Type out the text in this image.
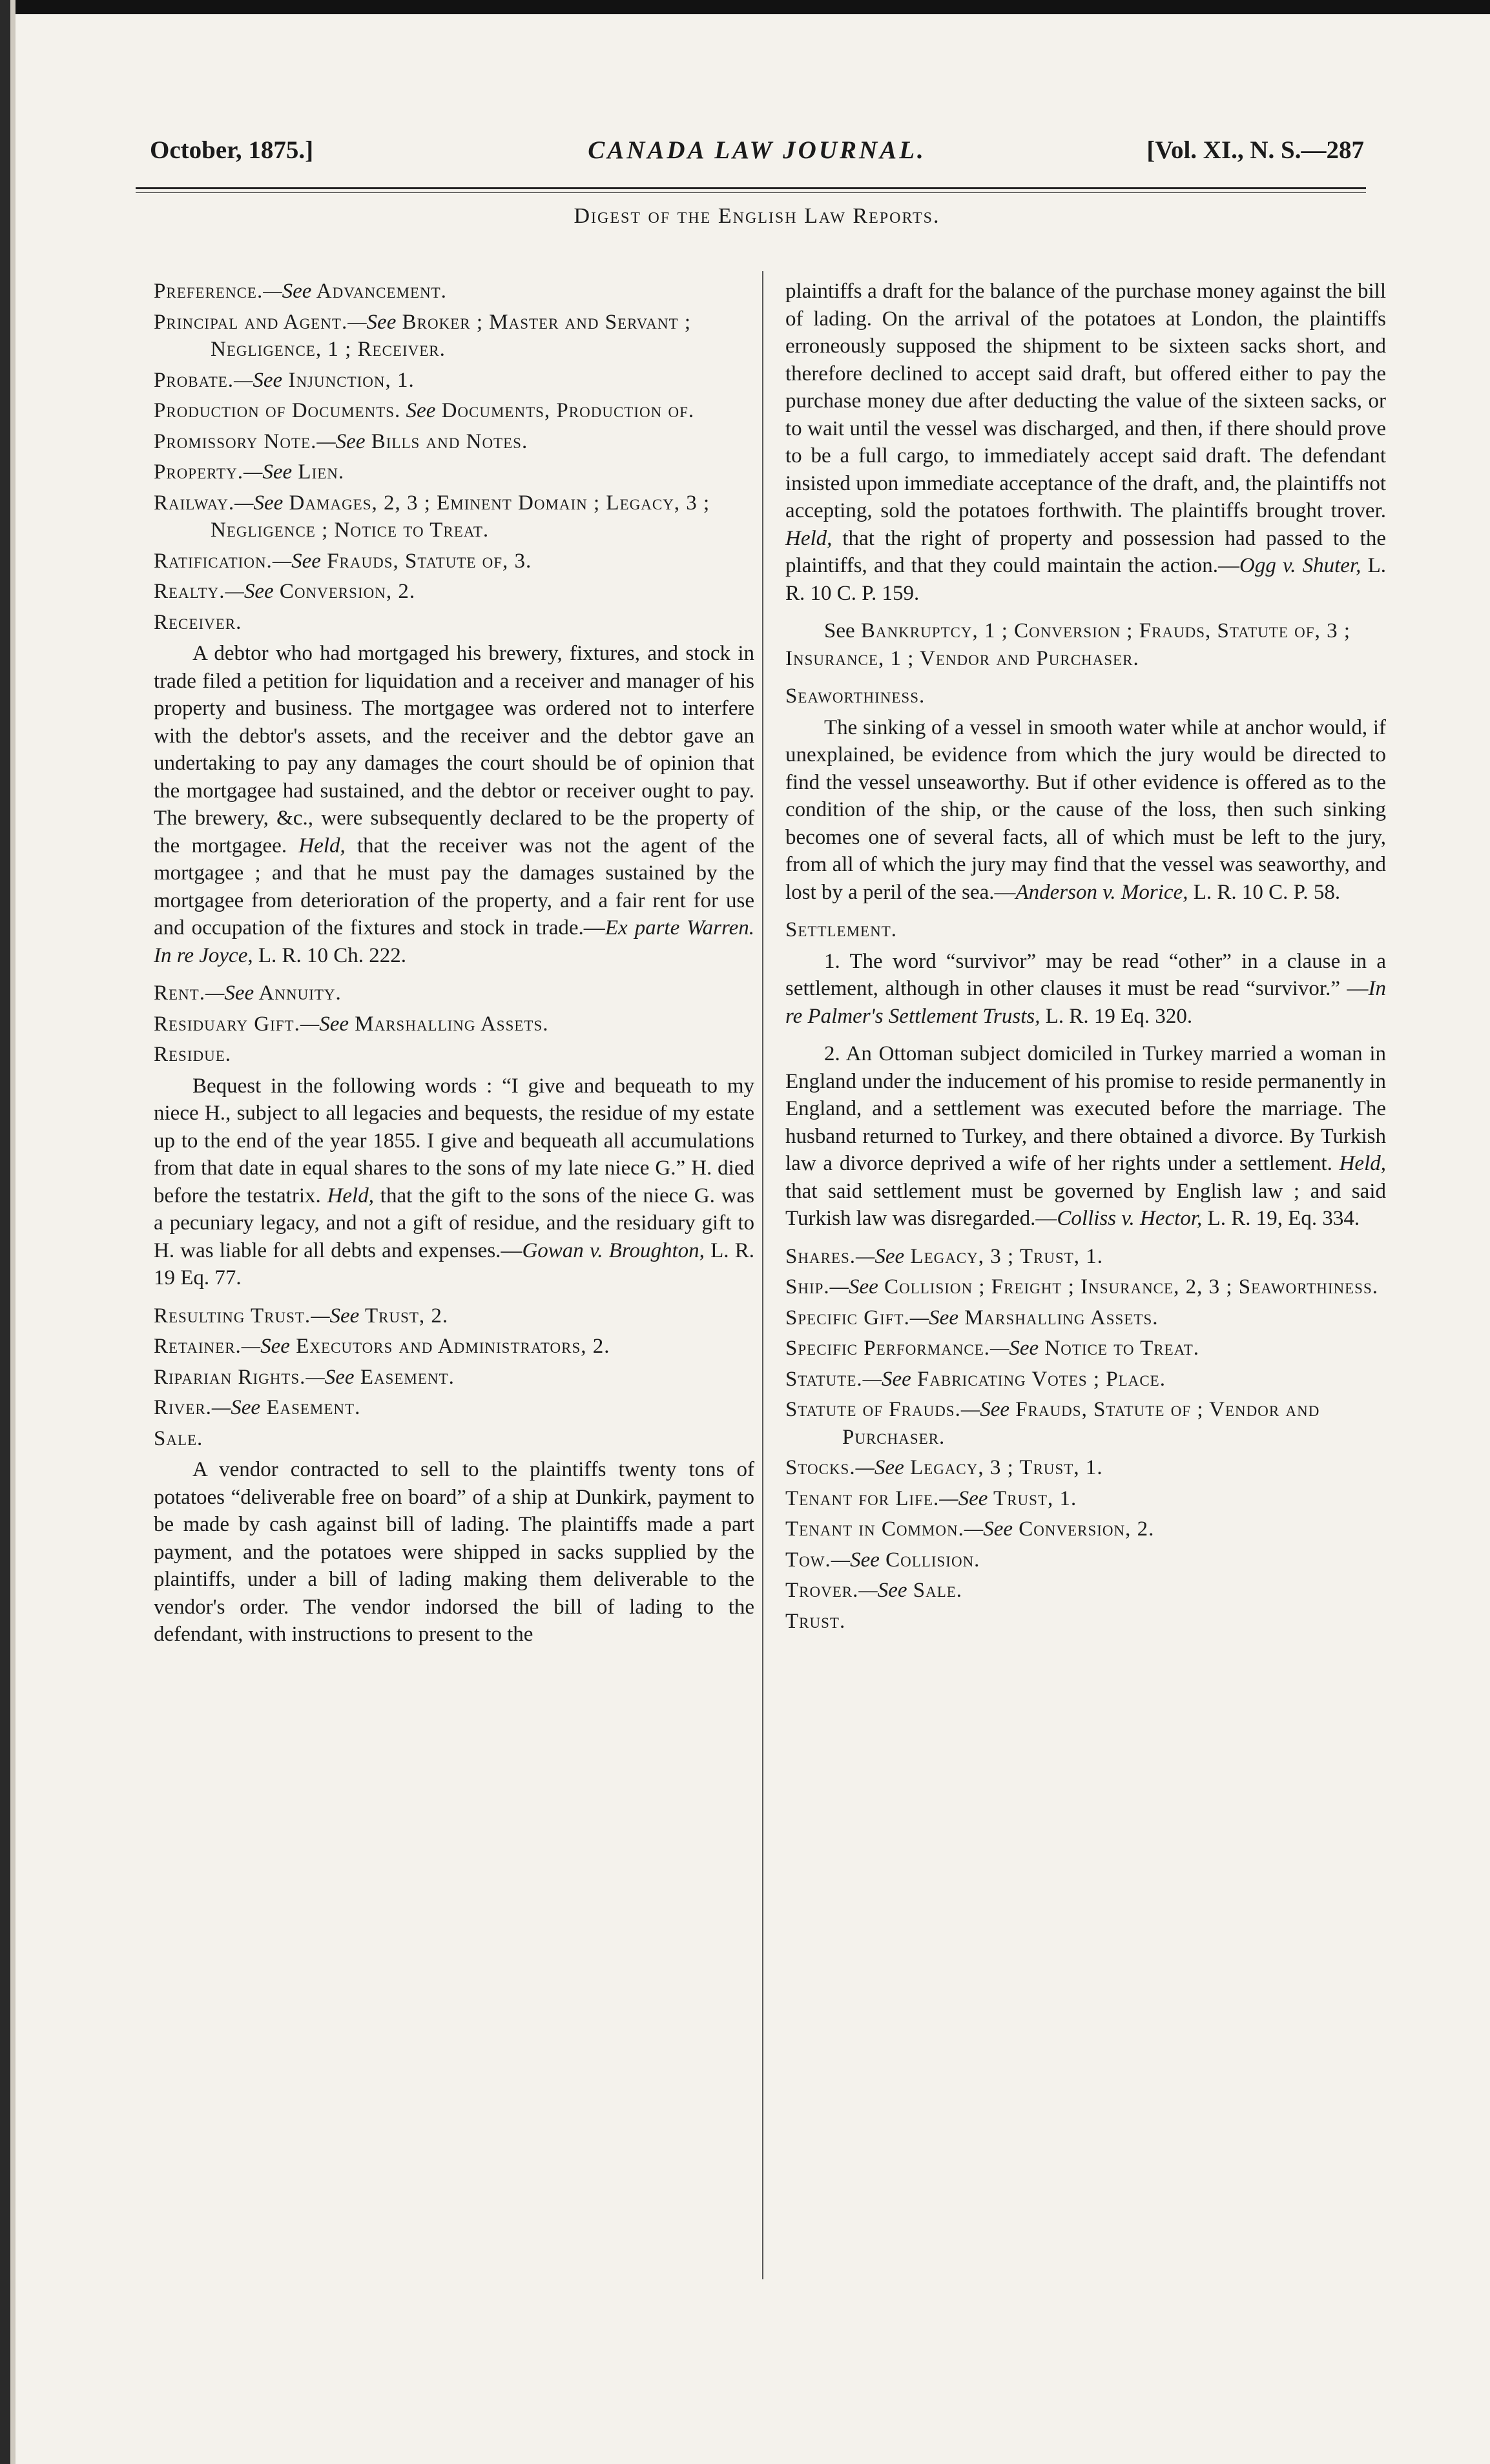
October, 1875.]	CANADA LAW JOURNAL.	[Vol. XI., N. S.—287
Digest of the English Law Reports.
Preference.—See Advancement.
Principal and Agent.—See Broker ; Master and Servant ; Negligence, 1 ; Receiver.
Probate.—See Injunction, 1.
Production of Documents. See Documents, Production of.
Promissory Note.—See Bills and Notes.
Property.—See Lien.
Railway.—See Damages, 2, 3 ; Eminent Domain ; Legacy, 3 ; Negligence ; Notice to Treat.
Ratification.—See Frauds, Statute of, 3.
Realty.—See Conversion, 2.
Receiver.

A debtor who had mortgaged his brewery, fixtures, and stock in trade filed a petition for liquidation and a receiver and manager of his property and business. The mortgagee was ordered not to interfere with the debtor's assets, and the receiver and the debtor gave an undertaking to pay any damages the court should be of opinion that the mortgagee had sustained, and the debtor or receiver ought to pay. The brewery, &c., were subsequently declared to be the property of the mortgagee. Held, that the receiver was not the agent of the mortgagee ; and that he must pay the damages sustained by the mortgagee from deterioration of the property, and a fair rent for use and occupation of the fixtures and stock in trade.—Ex parte Warren. In re Joyce, L. R. 10 Ch. 222.

Rent.—See Annuity.
Residuary Gift.—See Marshalling Assets.
Residue.

Bequest in the following words : “I give and bequeath to my niece H., subject to all legacies and bequests, the residue of my estate up to the end of the year 1855. I give and bequeath all accumulations from that date in equal shares to the sons of my late niece G.” H. died before the testatrix. Held, that the gift to the sons of the niece G. was a pecuniary legacy, and not a gift of residue, and the residuary gift to H. was liable for all debts and expenses.—Gowan v. Broughton, L. R. 19 Eq. 77.

Resulting Trust.—See Trust, 2.
Retainer.—See Executors and Administrators, 2.
Riparian Rights.—See Easement.
River.—See Easement.
Sale.

A vendor contracted to sell to the plaintiffs twenty tons of potatoes “deliverable free on board” of a ship at Dunkirk, payment to be made by cash against bill of lading. The plaintiffs made a part payment, and the potatoes were shipped in sacks supplied by the plaintiffs, under a bill of lading making them deliverable to the vendor's order. The vendor indorsed the bill of lading to the defendant, with instructions to present to the

plaintiffs a draft for the balance of the purchase money against the bill of lading. On the arrival of the potatoes at London, the plaintiffs erroneously supposed the shipment to be sixteen sacks short, and therefore declined to accept said draft, but offered either to pay the purchase money due after deducting the value of the sixteen sacks, or to wait until the vessel was discharged, and then, if there should prove to be a full cargo, to immediately accept said draft. The defendant insisted upon immediate acceptance of the draft, and, the plaintiffs not accepting, sold the potatoes forthwith. The plaintiffs brought trover. Held, that the right of property and possession had passed to the plaintiffs, and that they could maintain the action.—Ogg v. Shuter, L. R. 10 C. P. 159.

See Bankruptcy, 1 ; Conversion ; Frauds, Statute of, 3 ; Insurance, 1 ; Vendor and Purchaser.

Seaworthiness.

The sinking of a vessel in smooth water while at anchor would, if unexplained, be evidence from which the jury would be directed to find the vessel unseaworthy. But if other evidence is offered as to the condition of the ship, or the cause of the loss, then such sinking becomes one of several facts, all of which must be left to the jury, from all of which the jury may find that the vessel was seaworthy, and lost by a peril of the sea.—Anderson v. Morice, L. R. 10 C. P. 58.

Settlement.

1. The word “survivor” may be read “other” in a clause in a settlement, although in other clauses it must be read “survivor.” —In re Palmer's Settlement Trusts, L. R. 19 Eq. 320.

2. An Ottoman subject domiciled in Turkey married a woman in England under the inducement of his promise to reside permanently in England, and a settlement was executed before the marriage. The husband returned to Turkey, and there obtained a divorce. By Turkish law a divorce deprived a wife of her rights under a settlement. Held, that said settlement must be governed by English law ; and said Turkish law was disregarded.—Colliss v. Hector, L. R. 19, Eq. 334.

Shares.—See Legacy, 3 ; Trust, 1.
Ship.—See Collision ; Freight ; Insurance, 2, 3 ; Seaworthiness.
Specific Gift.—See Marshalling Assets.
Specific Performance.—See Notice to Treat.
Statute.—See Fabricating Votes ; Place.
Statute of Frauds.—See Frauds, Statute of ; Vendor and Purchaser.
Stocks.—See Legacy, 3 ; Trust, 1.
Tenant for Life.—See Trust, 1.
Tenant in Common.—See Conversion, 2.
Tow.—See Collision.
Trover.—See Sale.
Trust.
